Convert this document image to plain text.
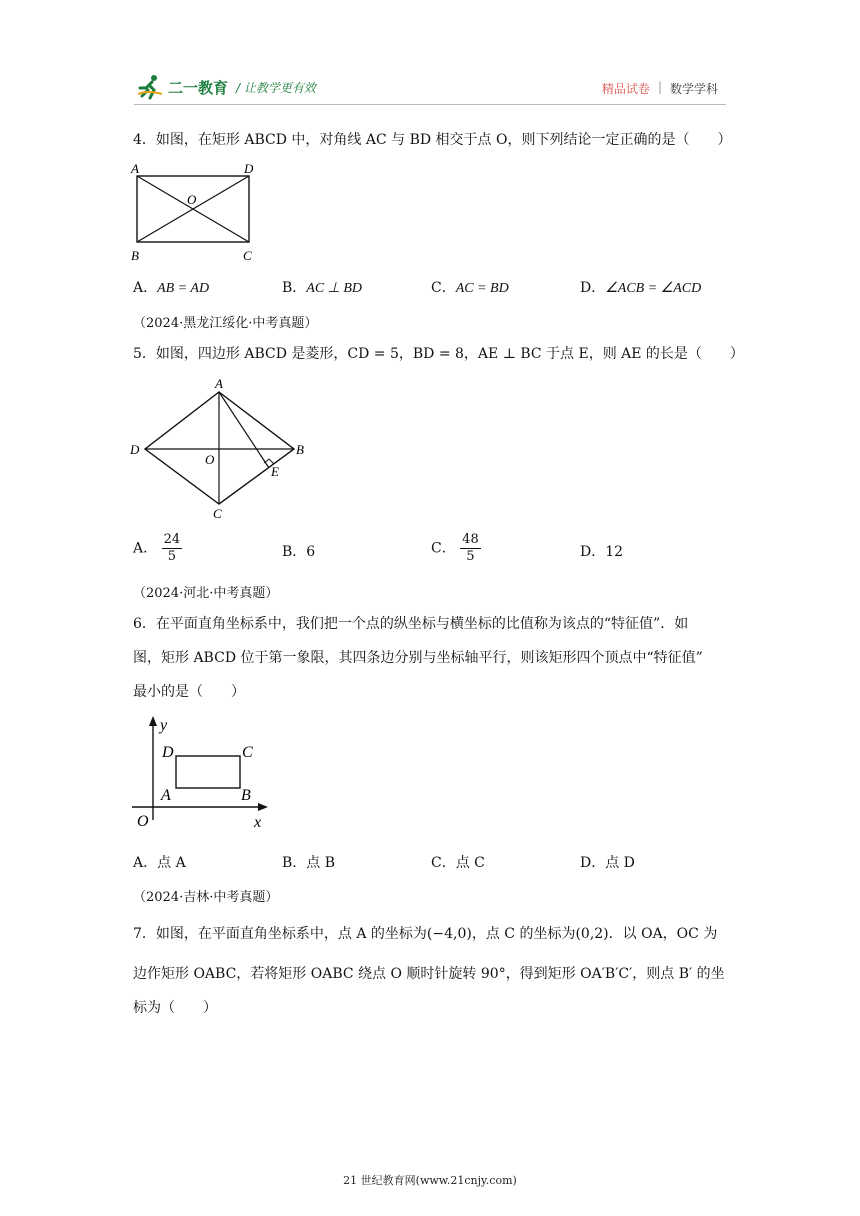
二一教育 / 让教学更有效	精品试卷 | 数学学科
4．如图，在矩形 ABCD 中，对角线 AC 与 BD 相交于点 O，则下列结论一定正确的是（　　）
A	D
O
B	C
A．AB = AD	B．AC ⊥ BD	C．AC = BD	D．∠ACB = ∠ACD
（2024·黑龙江绥化·中考真题）
5．如图，四边形 ABCD 是菱形，CD = 5，BD = 8，AE ⊥ BC 于点 E，则 AE 的长是（　　）
A
D
O
B
E
C
A． $\frac{24}{5}$	B．6	C． $\frac{48}{5}$	D．12
（2024·河北·中考真题）
6．在平面直角坐标系中，我们把一个点的纵坐标与横坐标的比值称为该点的“特征值”．如
图，矩形 ABCD 位于第一象限，其四条边分别与坐标轴平行，则该矩形四个顶点中“特征值”
最小的是（　　）
y
D	C
A	B
O	x
A．点 A	B．点 B	C．点 C	D．点 D
（2024·吉林·中考真题）
7．如图，在平面直角坐标系中，点 A 的坐标为(−4,0)，点 C 的坐标为(0,2)．以 OA，OC 为
边作矩形 OABC，若将矩形 OABC 绕点 O 顺时针旋转 90°，得到矩形 OA′B′C′，则点 B′ 的坐
标为（　　）
21 世纪教育网(www.21cnjy.com)
